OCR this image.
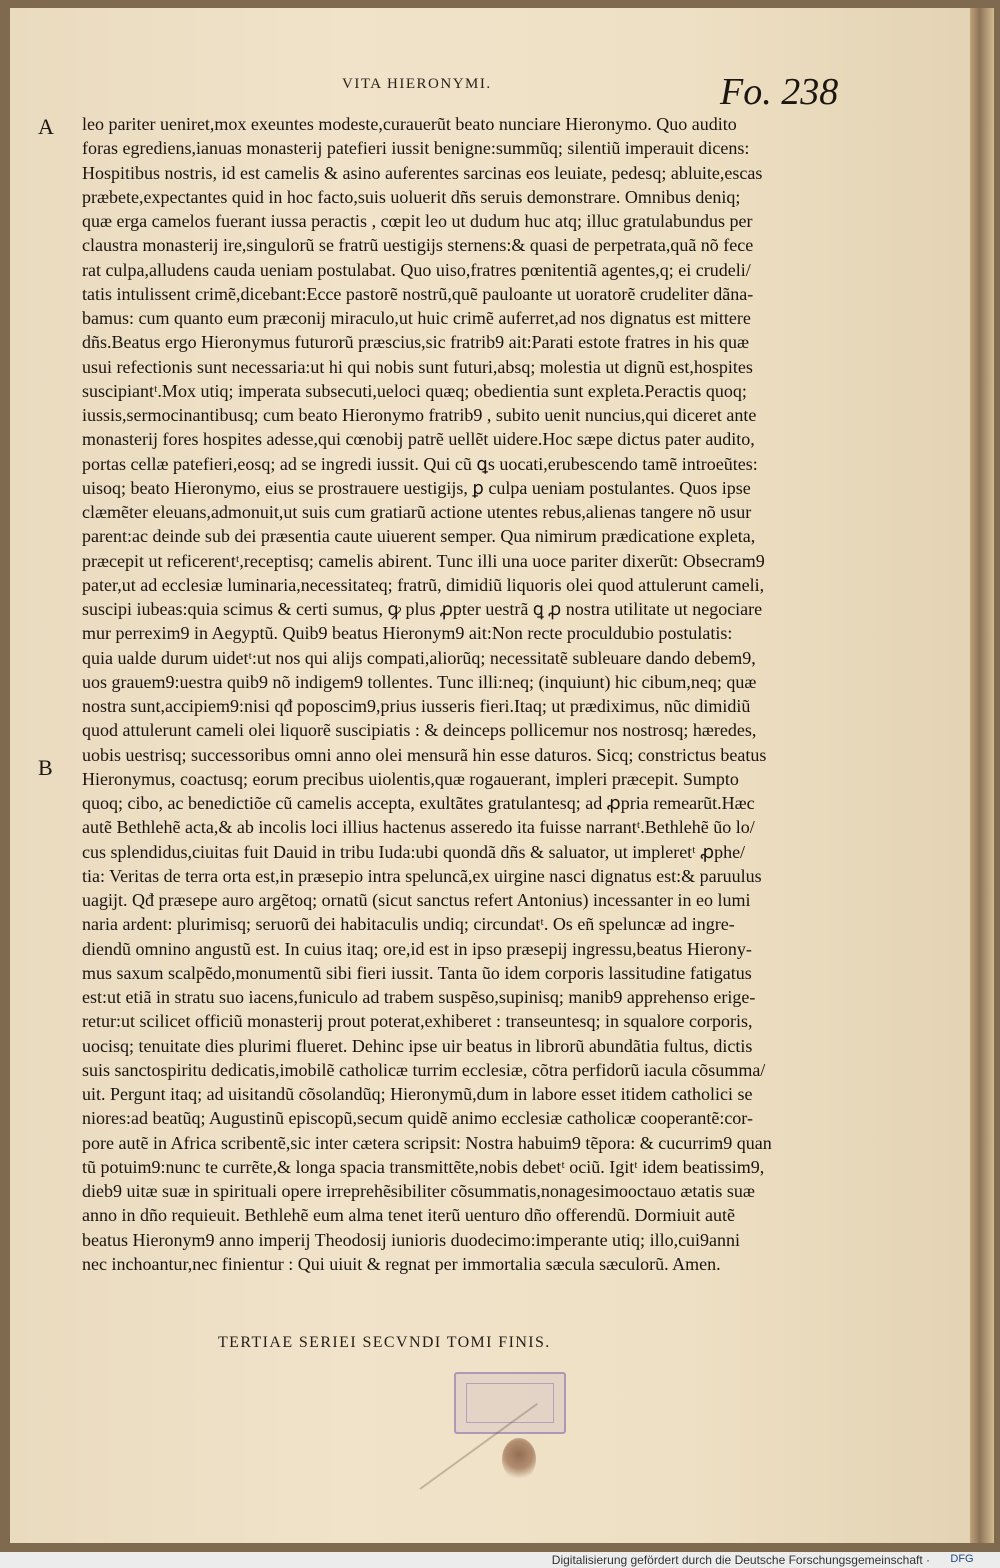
VITA HIERONYMI.	Fo. 238
A
B
leo pariter ueniret,mox exeuntes modeste,curauerũt beato nunciare Hieronymo. Quo audito
foras egrediens,ianuas monasterij patefieri iussit benigne:summũq; silentiũ imperauit dicens:
Hospitibus nostris, id est camelis & asino auferentes sarcinas eos leuiate, pedesq; abluite,escas
præbete,expectantes quid in hoc facto,suis uoluerit dñs seruis demonstrare. Omnibus deniq;
quæ erga camelos fuerant iussa peractis , cœpit leo ut dudum huc atq; illuc gratulabundus per
claustra monasterij ire,singulorũ se fratrũ uestigijs sternens:& quasi de perpetrata,quã nõ fece
rat culpa,alludens cauda ueniam postulabat. Quo uiso,fratres pœnitentiã agentes,q; ei crudeli/
tatis intulissent crimẽ,dicebant:Ecce pastorẽ nostrũ,quẽ pauloante ut uoratorẽ crudeliter dãna-
bamus: cum quanto eum præconij miraculo,ut huic crimẽ auferret,ad nos dignatus est mittere
dñs.Beatus ergo Hieronymus futurorũ præscius,sic fratrib9 ait:Parati estote fratres in his quæ
usui refectionis sunt necessaria:ut hi qui nobis sunt futuri,absq; molestia ut dignũ est,hospites
suscipiantᵗ.Mox utiq; imperata subsecuti,ueloci quæq; obedientia sunt expleta.Peractis quoq;
iussis,sermocinantibusq; cum beato Hieronymo fratrib9 , subito uenit nuncius,qui diceret ante
monasterij fores hospites adesse,qui cœnobij patrẽ uellẽt uidere.Hoc sæpe dictus pater audito,
portas cellæ patefieri,eosq; ad se ingredi iussit. Qui cũ ꝗs uocati,erubescendo tamẽ introeũtes:
uisoq; beato Hieronymo, eius se prostrauere uestigijs, ꝑ culpa ueniam postulantes. Quos ipse
clæmẽter eleuans,admonuit,ut suis cum gratiarũ actione utentes rebus,alienas tangere nõ usur
parent:ac deinde sub dei præsentia caute uiuerent semper. Qua nimirum prædicatione expleta,
præcepit ut reficerentᵗ,receptisq; camelis abirent. Tunc illi una uoce pariter dixerũt: Obsecram9
pater,ut ad ecclesiæ luminaria,necessitateq; fratrũ, dimidiũ liquoris olei quod attulerunt cameli,
suscipi iubeas:quia scimus & certi sumus, ꝙ plus ꝓpter uestrã ꝗ ꝓ nostra utilitate ut negociare
mur perrexim9 in Aegyptũ. Quib9 beatus Hieronym9 ait:Non recte proculdubio postulatis:
quia ualde durum uidetᵗ:ut nos qui alijs compati,aliorũq; necessitatẽ subleuare dando debem9,
uos grauem9:uestra quib9 nõ indigem9 tollentes. Tunc illi:neq; (inquiunt) hic cibum,neq; quæ
nostra sunt,accipiem9:nisi qđ poposcim9,prius iusseris fieri.Itaq; ut prædiximus, nũc dimidiũ
quod attulerunt cameli olei liquorẽ suscipiatis : & deinceps pollicemur nos nostrosq; hæredes,
uobis uestrisq; successoribus omni anno olei mensurã hin esse daturos. Sicq; constrictus beatus
Hieronymus, coactusq; eorum precibus uiolentis,quæ rogauerant, impleri præcepit. Sumpto
quoq; cibo, ac benedictiõe cũ camelis accepta, exultãtes gratulantesq; ad ꝓpria remearũt.Hæc
autẽ Bethlehẽ acta,& ab incolis loci illius hactenus asseredo ita fuisse narrantᵗ.Bethlehẽ ũo lo/
cus splendidus,ciuitas fuit Dauid in tribu Iuda:ubi quondã dñs & saluator, ut impleretᵗ ꝓphe/
tia: Veritas de terra orta est,in præsepio intra speluncã,ex uirgine nasci dignatus est:& paruulus
uagijt. Qđ præsepe auro argẽtoq; ornatũ (sicut sanctus refert Antonius) incessanter in eo lumi
naria ardent: plurimisq; seruorũ dei habitaculis undiq; circundatᵗ. Os eñ speluncæ ad ingre-
diendũ omnino angustũ est. In cuius itaq; ore,id est in ipso præsepij ingressu,beatus Hierony-
mus saxum scalpẽdo,monumentũ sibi fieri iussit. Tanta ũo idem corporis lassitudine fatigatus
est:ut etiã in stratu suo iacens,funiculo ad trabem suspẽso,supinisq; manib9 apprehenso erige-
retur:ut scilicet officiũ monasterij prout poterat,exhiberet : transeuntesq; in squalore corporis,
uocisq; tenuitate dies plurimi flueret. Dehinc ipse uir beatus in librorũ abundãtia fultus, dictis
suis sanctospiritu dedicatis,imobilẽ catholicæ turrim ecclesiæ, cõtra perfidorũ iacula cõsumma/
uit. Pergunt itaq; ad uisitandũ cõsolandũq; Hieronymũ,dum in labore esset itidem catholici se
niores:ad beatũq; Augustinũ episcopũ,secum quidẽ animo ecclesiæ catholicæ cooperantẽ:cor-
pore autẽ in Africa scribentẽ,sic inter cætera scripsit: Nostra habuim9 tẽpora: & cucurrim9 quan
tũ potuim9:nunc te currẽte,& longa spacia transmittẽte,nobis debetᵗ ociũ. Igitᵗ idem beatissim9,
dieb9 uitæ suæ in spirituali opere irreprehẽsibiliter cõsummatis,nonagesimooctauo ætatis suæ
anno in dño requieuit. Bethlehẽ eum alma tenet iterũ uenturo dño offerendũ. Dormiuit autẽ
beatus Hieronym9 anno imperij Theodosij iunioris duodecimo:imperante utiq; illo,cui9anni
nec inchoantur,nec finientur : Qui uiuit & regnat per immortalia sæcula sæculorũ. Amen.
TERTIAE SERIEI SECVNDI TOMI FINIS.
Digitalisierung gefördert durch die Deutsche Forschungsgemeinschaft ·	DFG
